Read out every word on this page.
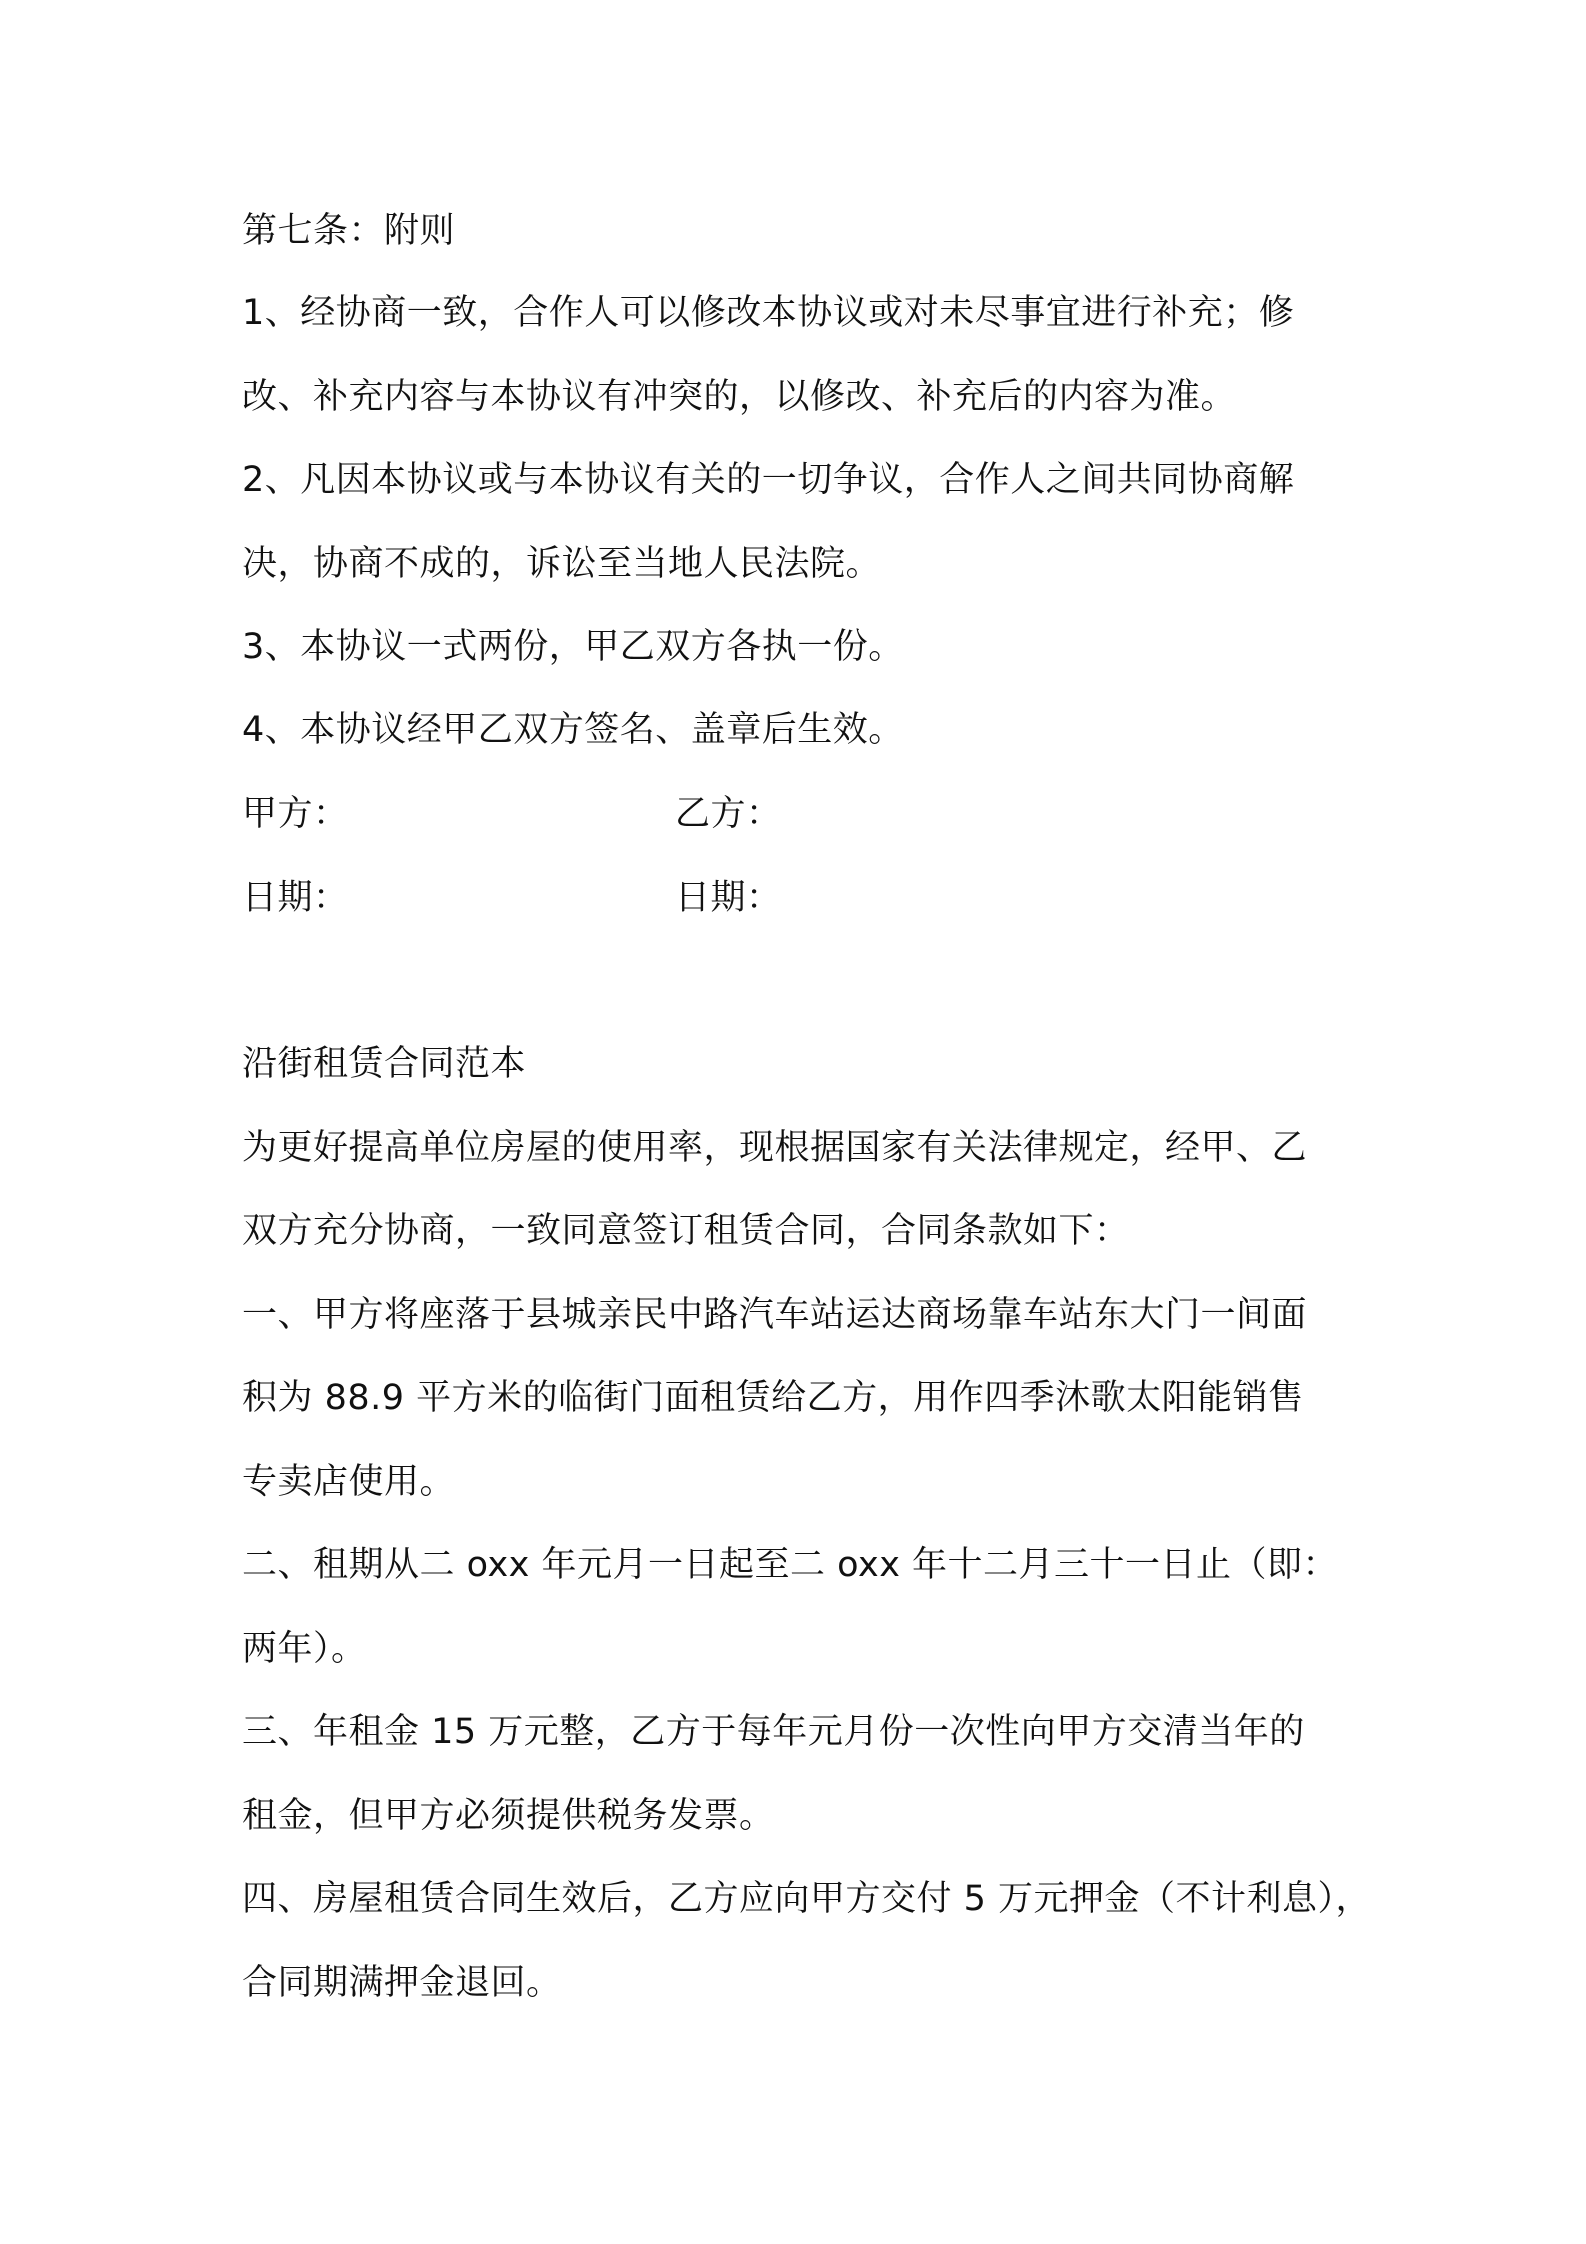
第七条：附则
1、经协商一致，合作人可以修改本协议或对未尽事宜进行补充；修
改、补充内容与本协议有冲突的，以修改、补充后的内容为准。
2、凡因本协议或与本协议有关的一切争议，合作人之间共同协商解
决，协商不成的，诉讼至当地人民法院。
3、本协议一式两份，甲乙双方各执一份。
4、本协议经甲乙双方签名、盖章后生效。
甲方：	乙方：
日期：	日期：
沿街租赁合同范本
为更好提高单位房屋的使用率，现根据国家有关法律规定，经甲、乙
双方充分协商，一致同意签订租赁合同，合同条款如下：
一、甲方将座落于县城亲民中路汽车站运达商场靠车站东大门一间面
积为 88.9 平方米的临街门面租赁给乙方，用作四季沐歌太阳能销售
专卖店使用。
二、租期从二 oxx 年元月一日起至二 oxx 年十二月三十一日止（即：
两年）。
三、年租金 15 万元整，乙方于每年元月份一次性向甲方交清当年的
租金，但甲方必须提供税务发票。
四、房屋租赁合同生效后，乙方应向甲方交付 5 万元押金（不计利息），
合同期满押金退回。
